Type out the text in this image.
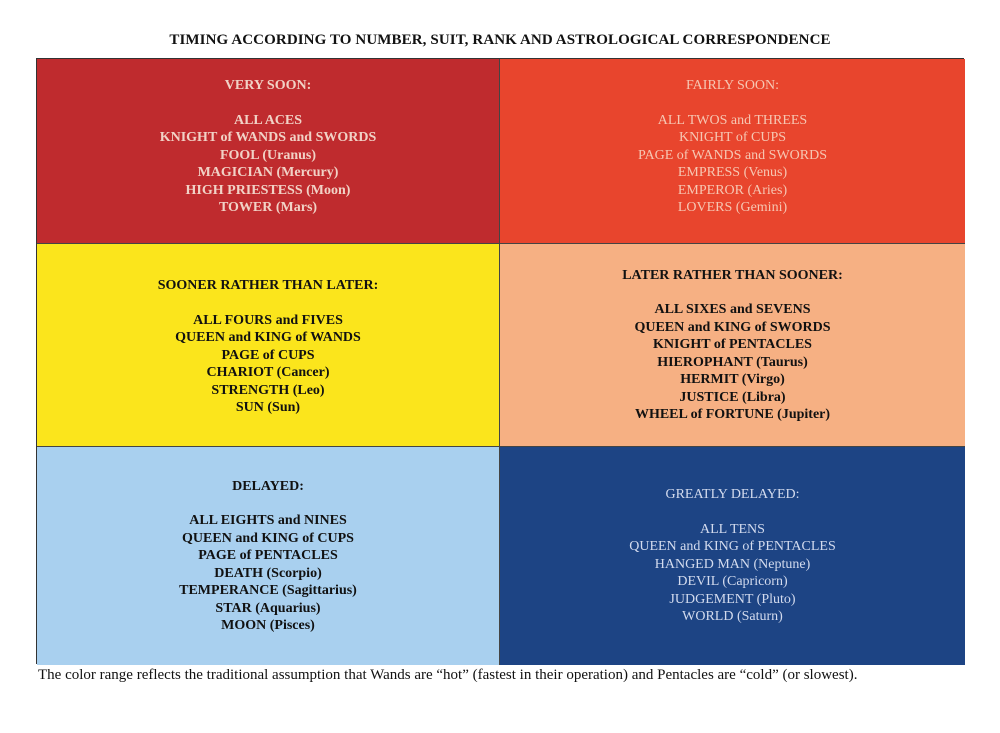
TIMING ACCORDING TO NUMBER, SUIT, RANK AND ASTROLOGICAL CORRESPONDENCE
VERY SOON:
ALL ACES
KNIGHT of WANDS and SWORDS
FOOL (Uranus)
MAGICIAN (Mercury)
HIGH PRIESTESS (Moon)
TOWER (Mars)
FAIRLY SOON:
ALL TWOS and THREES
KNIGHT of CUPS
PAGE of WANDS and SWORDS
EMPRESS (Venus)
EMPEROR (Aries)
LOVERS (Gemini)
SOONER RATHER THAN LATER:
ALL FOURS and FIVES
QUEEN and KING of WANDS
PAGE of CUPS
CHARIOT (Cancer)
STRENGTH (Leo)
SUN (Sun)
LATER RATHER THAN SOONER:
ALL SIXES and SEVENS
QUEEN and KING of SWORDS
KNIGHT of PENTACLES
HIEROPHANT (Taurus)
HERMIT (Virgo)
JUSTICE (Libra)
WHEEL of FORTUNE (Jupiter)
DELAYED:
ALL EIGHTS and NINES
QUEEN and KING of CUPS
PAGE of PENTACLES
DEATH (Scorpio)
TEMPERANCE (Sagittarius)
STAR (Aquarius)
MOON (Pisces)
GREATLY DELAYED:
ALL TENS
QUEEN and KING of PENTACLES
HANGED MAN (Neptune)
DEVIL (Capricorn)
JUDGEMENT (Pluto)
WORLD (Saturn)
The color range reflects the traditional assumption that Wands are “hot” (fastest in their operation) and Pentacles are “cold” (or slowest).
